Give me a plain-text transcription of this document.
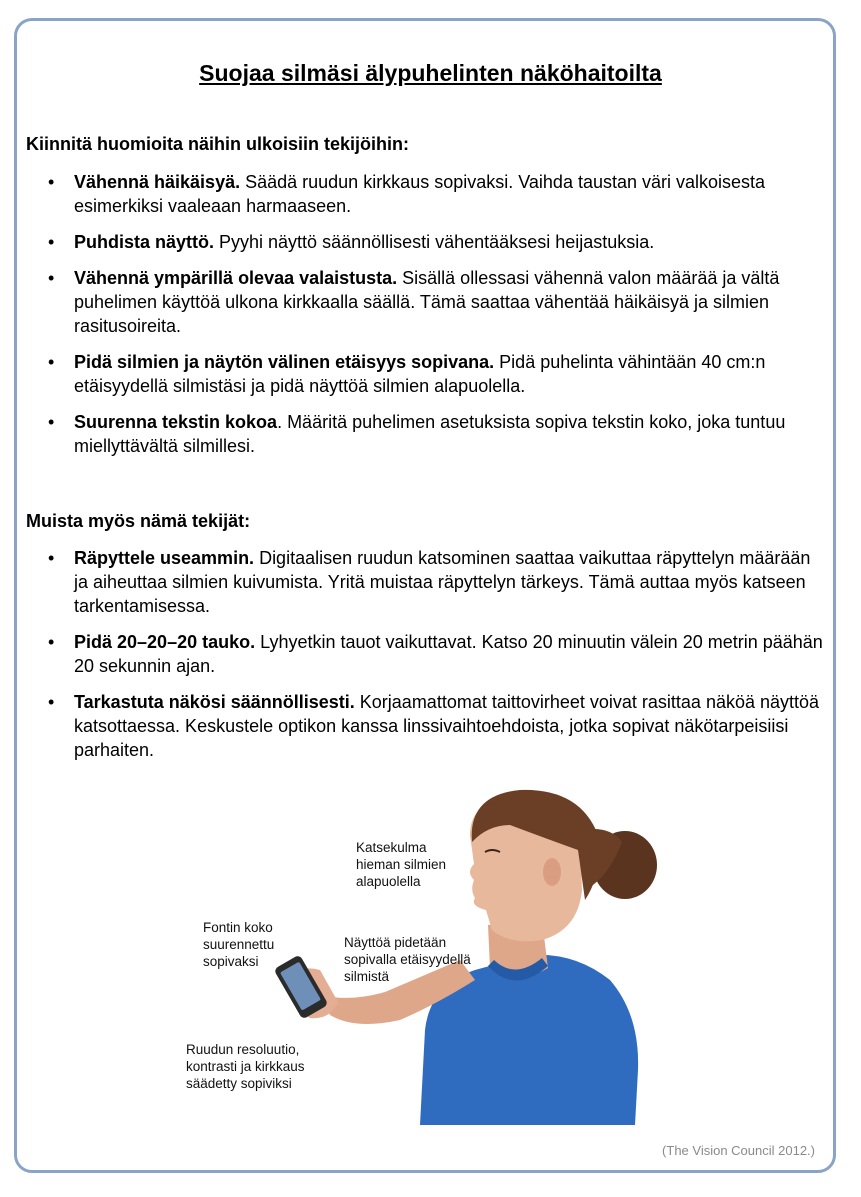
Suojaa silmäsi älypuhelinten näköhaitoilta
Kiinnitä huomioita näihin ulkoisiin tekijöihin:
• Vähennä häikäisyä. Säädä ruudun kirkkaus sopivaksi. Vaihda taustan väri valkoisesta esimerkiksi vaaleaan harmaaseen.
• Puhdista näyttö. Pyyhi näyttö säännöllisesti vähentääksesi heijastuksia.
• Vähennä ympärillä olevaa valaistusta. Sisällä ollessasi vähennä valon määrää ja vältä puhelimen käyttöä ulkona kirkkaalla säällä. Tämä saattaa vähentää häikäisyä ja silmien rasitusoireita.
• Pidä silmien ja näytön välinen etäisyys sopivana. Pidä puhelinta vähintään 40 cm:n etäisyydellä silmistäsi ja pidä näyttöä silmien alapuolella.
• Suurenna tekstin kokoa. Määritä puhelimen asetuksista sopiva tekstin koko, joka tuntuu miellyttävältä silmillesi.
Muista myös nämä tekijät:
• Räpyttele useammin. Digitaalisen ruudun katsominen saattaa vaikuttaa räpyttelyn määrään ja aiheuttaa silmien kuivumista. Yritä muistaa räpyttelyn tärkeys. Tämä auttaa myös katseen tarkentamisessa.
• Pidä 20–20–20 tauko. Lyhyetkin tauot vaikuttavat. Katso 20 minuutin välein 20 metrin päähän 20 sekunnin ajan.
• Tarkastuta näkösi säännöllisesti. Korjaamattomat taittovirheet voivat rasittaa näköä näyttöä katsottaessa. Keskustele optikon kanssa linssivaihtoehdoista, jotka sopivat näkötarpeisiisi parhaiten.
Katsekulma
hieman silmien
alapuolella
Fontin koko
suurennettu
sopivaksi
Näyttöä pidetään
sopivalla etäisyydellä
silmistä
Ruudun resoluutio,
kontrasti ja kirkkaus
säädetty sopiviksi
(The Vision Council 2012.)
